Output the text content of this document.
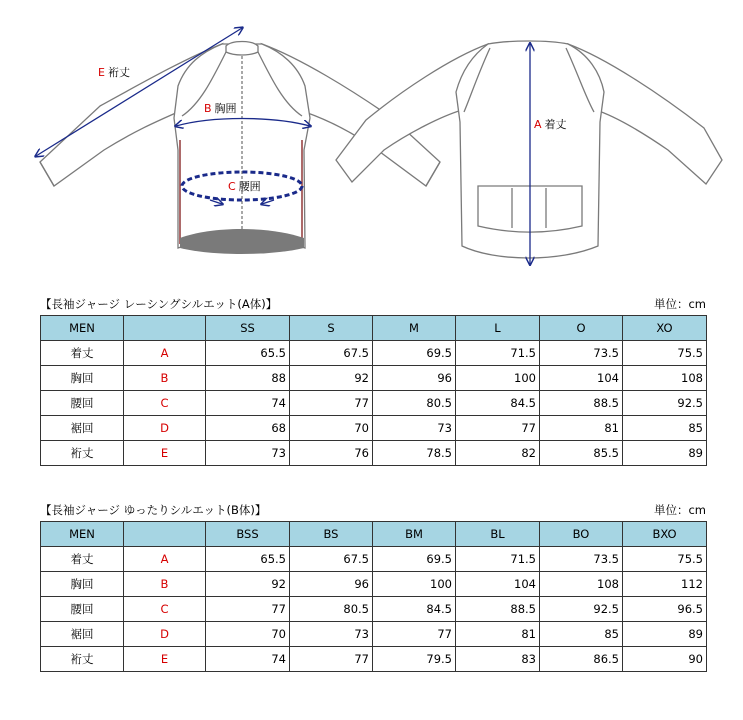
E 裄丈
B 胸囲
C 腰囲
A 着丈
【長袖ジャージ レーシングシルエット(A体)】	単位：cm
MEN		SS	S	M	L	O	XO
着丈	A	65.5	67.5	69.5	71.5	73.5	75.5
胸回	B	88	92	96	100	104	108
腰回	C	74	77	80.5	84.5	88.5	92.5
裾回	D	68	70	73	77	81	85
裄丈	E	73	76	78.5	82	85.5	89
【長袖ジャージ ゆったりシルエット(B体)】	単位：cm
MEN		BSS	BS	BM	BL	BO	BXO
着丈	A	65.5	67.5	69.5	71.5	73.5	75.5
胸回	B	92	96	100	104	108	112
腰回	C	77	80.5	84.5	88.5	92.5	96.5
裾回	D	70	73	77	81	85	89
裄丈	E	74	77	79.5	83	86.5	90
